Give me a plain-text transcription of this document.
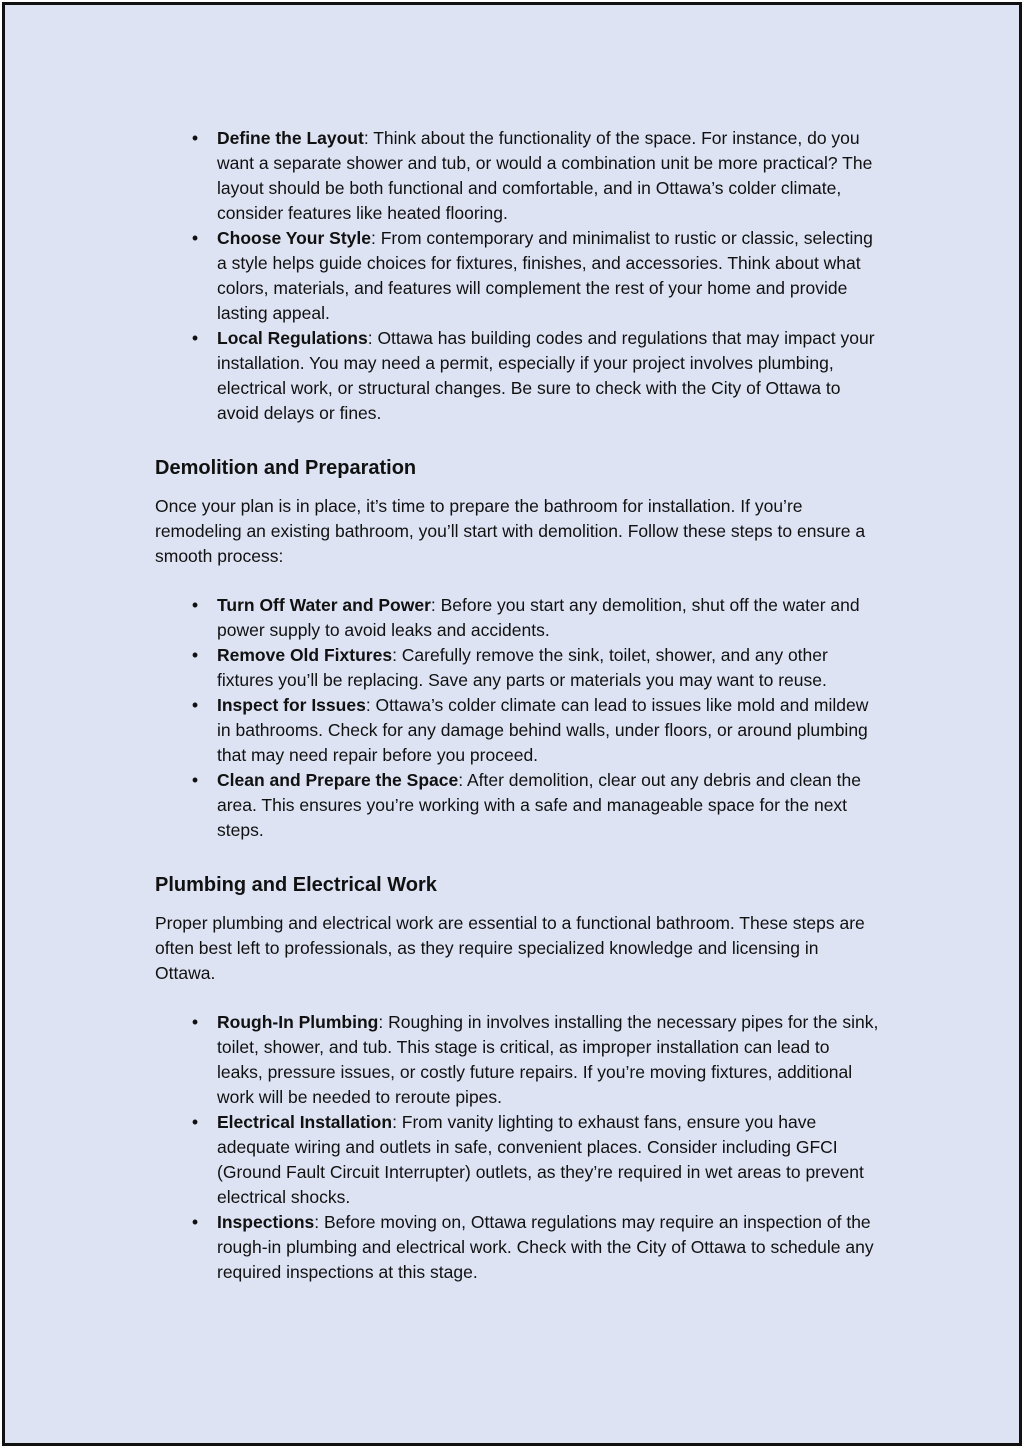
• Define the Layout: Think about the functionality of the space. For instance, do you want a separate shower and tub, or would a combination unit be more practical? The layout should be both functional and comfortable, and in Ottawa’s colder climate, consider features like heated flooring.
• Choose Your Style: From contemporary and minimalist to rustic or classic, selecting a style helps guide choices for fixtures, finishes, and accessories. Think about what colors, materials, and features will complement the rest of your home and provide lasting appeal.
• Local Regulations: Ottawa has building codes and regulations that may impact your installation. You may need a permit, especially if your project involves plumbing, electrical work, or structural changes. Be sure to check with the City of Ottawa to avoid delays or fines.
Demolition and Preparation

Once your plan is in place, it’s time to prepare the bathroom for installation. If you’re remodeling an existing bathroom, you’ll start with demolition. Follow these steps to ensure a smooth process:

• Turn Off Water and Power: Before you start any demolition, shut off the water and power supply to avoid leaks and accidents.
• Remove Old Fixtures: Carefully remove the sink, toilet, shower, and any other fixtures you’ll be replacing. Save any parts or materials you may want to reuse.
• Inspect for Issues: Ottawa’s colder climate can lead to issues like mold and mildew in bathrooms. Check for any damage behind walls, under floors, or around plumbing that may need repair before you proceed.
• Clean and Prepare the Space: After demolition, clear out any debris and clean the area. This ensures you’re working with a safe and manageable space for the next steps.
Plumbing and Electrical Work

Proper plumbing and electrical work are essential to a functional bathroom. These steps are often best left to professionals, as they require specialized knowledge and licensing in Ottawa.

• Rough-In Plumbing: Roughing in involves installing the necessary pipes for the sink, toilet, shower, and tub. This stage is critical, as improper installation can lead to leaks, pressure issues, or costly future repairs. If you’re moving fixtures, additional work will be needed to reroute pipes.
• Electrical Installation: From vanity lighting to exhaust fans, ensure you have adequate wiring and outlets in safe, convenient places. Consider including GFCI (Ground Fault Circuit Interrupter) outlets, as they’re required in wet areas to prevent electrical shocks.
• Inspections: Before moving on, Ottawa regulations may require an inspection of the rough-in plumbing and electrical work. Check with the City of Ottawa to schedule any required inspections at this stage.
